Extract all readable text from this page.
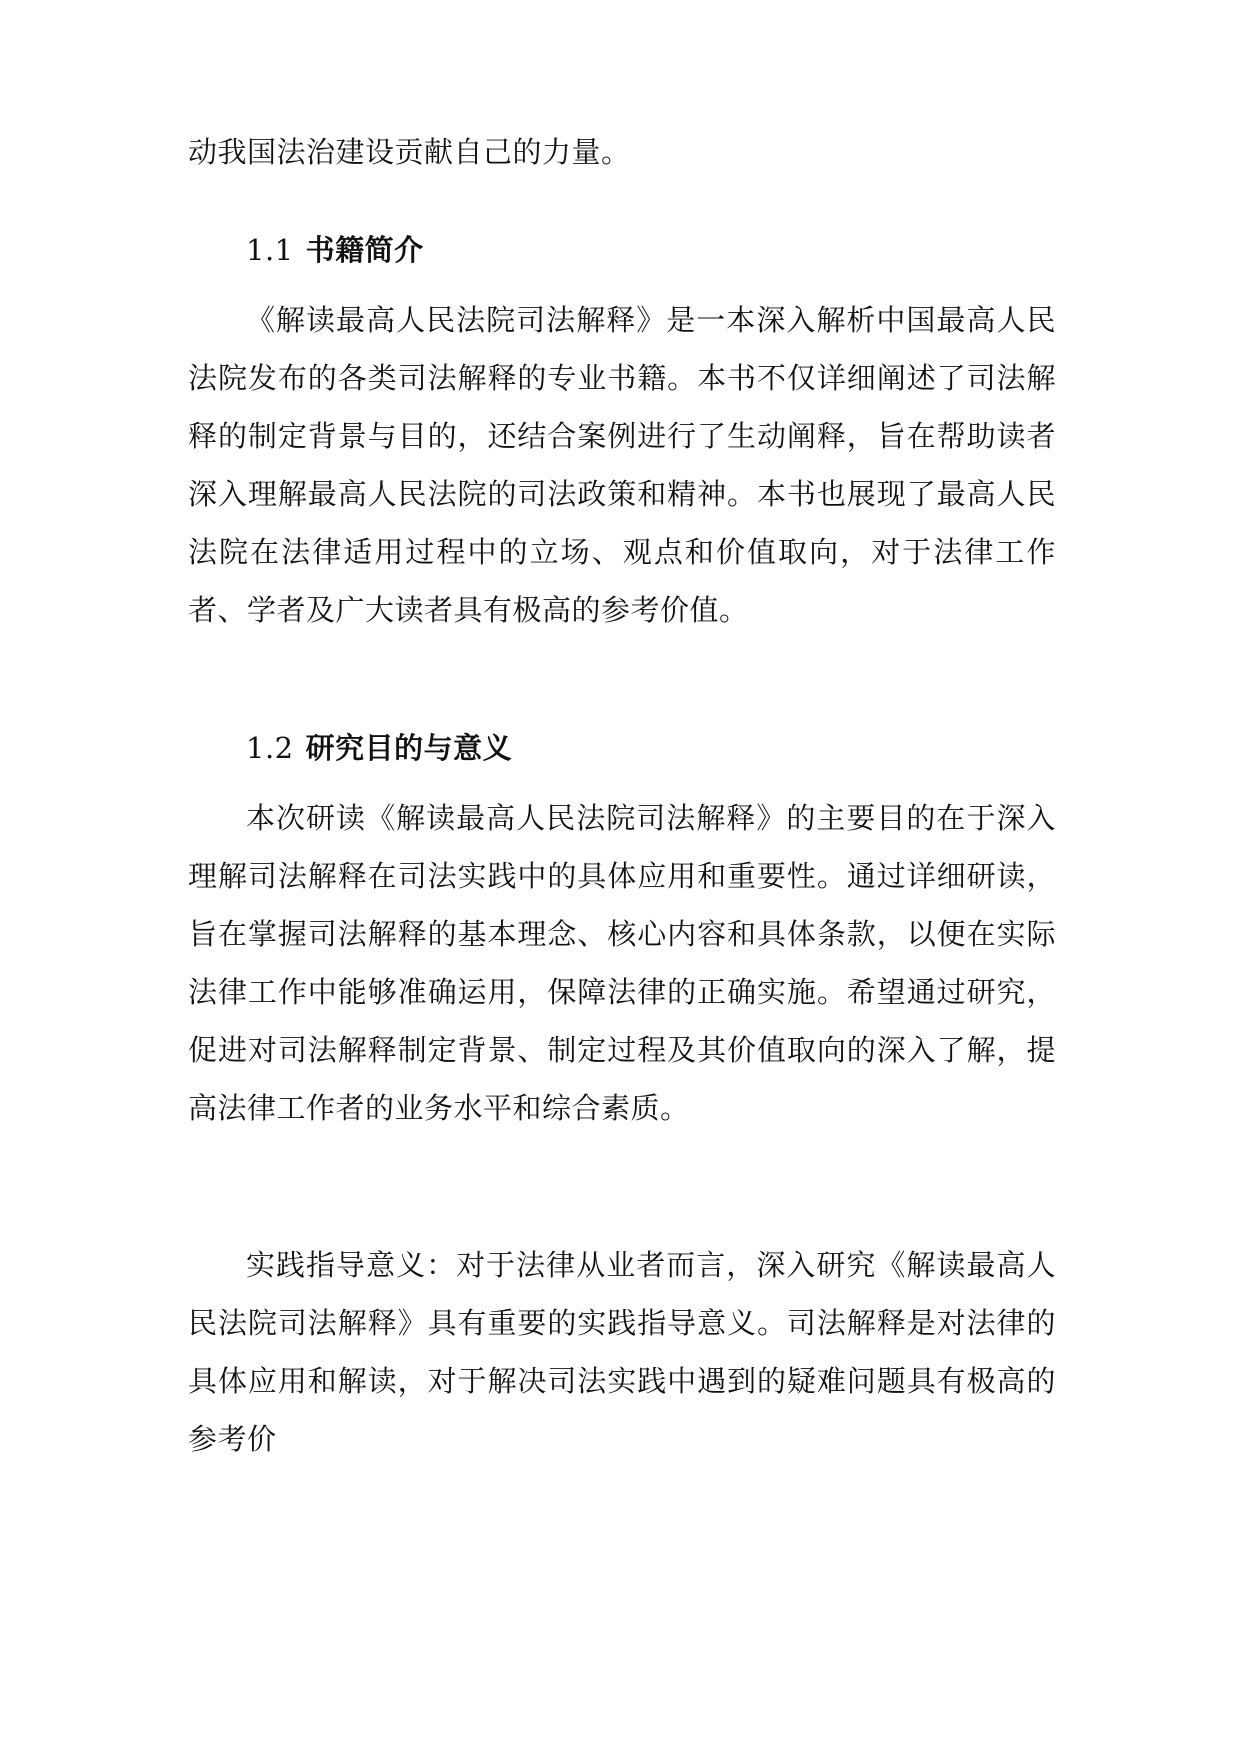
动我国法治建设贡献自己的力量。

1.1 书籍简介

《解读最高人民法院司法解释》是一本深入解析中国最高人民法院发布的各类司法解释的专业书籍。本书不仅详细阐述了司法解释的制定背景与目的，还结合案例进行了生动阐释，旨在帮助读者深入理解最高人民法院的司法政策和精神。本书也展现了最高人民法院在法律适用过程中的立场、观点和价值取向，对于法律工作者、学者及广大读者具有极高的参考价值。

1.2 研究目的与意义

本次研读《解读最高人民法院司法解释》的主要目的在于深入理解司法解释在司法实践中的具体应用和重要性。通过详细研读，旨在掌握司法解释的基本理念、核心内容和具体条款，以便在实际法律工作中能够准确运用，保障法律的正确实施。希望通过研究，促进对司法解释制定背景、制定过程及其价值取向的深入了解，提高法律工作者的业务水平和综合素质。

实践指导意义：对于法律从业者而言，深入研究《解读最高人民法院司法解释》具有重要的实践指导意义。司法解释是对法律的具体应用和解读，对于解决司法实践中遇到的疑难问题具有极高的参考价
